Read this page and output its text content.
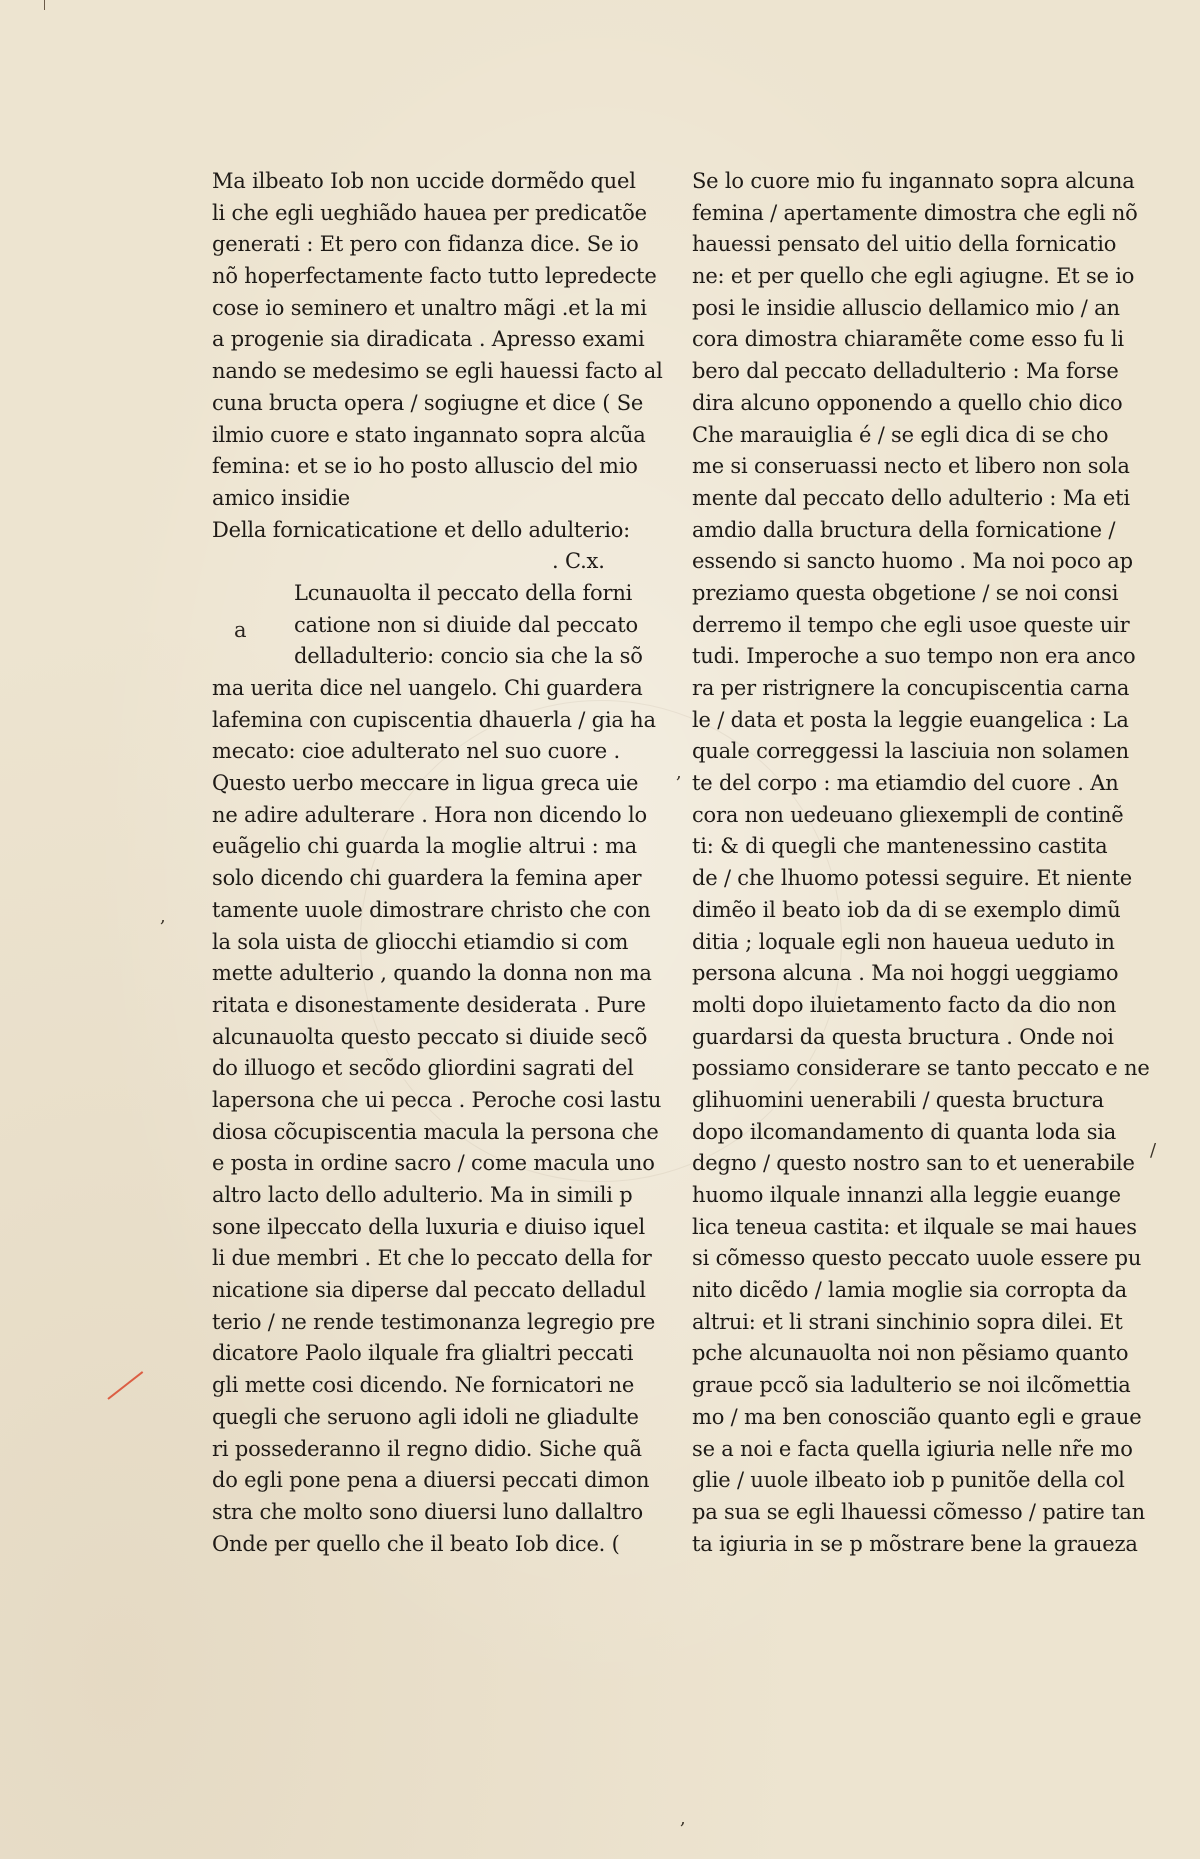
Ma ilbeato Iob non uccide dormẽdo quel
li che egli ueghiãdo hauea per predicatõe
generati : Et pero con fidanza dice. Se io
nõ hoperfectamente facto tutto lepredecte
cose io seminero et unaltro mãgi .et la mi
a progenie sia diradicata . Apresso exami
nando se medesimo se egli hauessi facto al
cuna bructa opera / sogiugne et dice ( Se
ilmio cuore e stato ingannato sopra alcũa
femina: et se io ho posto alluscio del mio
amico insidie
Della fornicaticatione et dello adulterio:
. C.x.
Lcunauolta il peccato della forni
catione non si diuide dal peccato
delladulterio: concio sia che la sõ
ma uerita dice nel uangelo. Chi guardera
lafemina con cupiscentia dhauerla / gia ha
mecato: cioe adulterato nel suo cuore .
Questo uerbo meccare in ligua greca uie
ne adire adulterare . Hora non dicendo lo
euãgelio chi guarda la moglie altrui : ma
solo dicendo chi guardera la femina aper
tamente uuole dimostrare christo che con
la sola uista de gliocchi etiamdio si com
mette adulterio , quando la donna non ma
ritata e disonestamente desiderata . Pure
alcunauolta questo peccato si diuide secõ
do illuogo et secõdo gliordini sagrati del
lapersona che ui pecca . Peroche cosi lastu
diosa cõcupiscentia macula la persona che
e posta in ordine sacro / come macula uno
altro lacto dello adulterio. Ma in simili p
sone ilpeccato della luxuria e diuiso iquel
li due membri . Et che lo peccato della for
nicatione sia diperse dal peccato delladul
terio / ne rende testimonanza legregio pre
dicatore Paolo ilquale fra glialtri peccati
gli mette cosi dicendo. Ne fornicatori ne
quegli che seruono agli idoli ne gliadulte
ri possederanno il regno didio. Siche quã
do egli pone pena a diuersi peccati dimon
stra che molto sono diuersi luno dallaltro
Onde per quello che il beato Iob dice. (
a
,
,
/
,
Se lo cuore mio fu ingannato sopra alcuna
femina / apertamente dimostra che egli nõ
hauessi pensato del uitio della fornicatio
ne: et per quello che egli agiugne. Et se io
posi le insidie alluscio dellamico mio / an
cora dimostra chiaramẽte come esso fu li
bero dal peccato delladulterio : Ma forse
dira alcuno opponendo a quello chio dico
Che marauiglia é / se egli dica di se cho
me si conseruassi necto et libero non sola
mente dal peccato dello adulterio : Ma eti
amdio dalla bructura della fornicatione /
essendo si sancto huomo . Ma noi poco ap
preziamo questa obgetione / se noi consi
derremo il tempo che egli usoe queste uir
tudi. Imperoche a suo tempo non era anco
ra per ristrignere la concupiscentia carna
le / data et posta la leggie euangelica : La
quale correggessi la lasciuia non solamen
te del corpo : ma etiamdio del cuore . An
cora non uedeuano gliexempli de continẽ
ti: & di quegli che mantenessino castita
de / che lhuomo potessi seguire. Et niente
dimẽo il beato iob da di se exemplo dimũ
ditia ; loquale egli non haueua ueduto in
persona alcuna . Ma noi hoggi ueggiamo
molti dopo iluietamento facto da dio non
guardarsi da questa bructura . Onde noi
possiamo considerare se tanto peccato e ne
glihuomini uenerabili / questa bructura
dopo ilcomandamento di quanta loda sia
degno / questo nostro san to et uenerabile
huomo ilquale innanzi alla leggie euange
lica teneua castita: et ilquale se mai haues
si cõmesso questo peccato uuole essere pu
nito dicẽdo / lamia moglie sia corropta da
altrui: et li strani sinchinio sopra dilei. Et
pche alcunauolta noi non pẽsiamo quanto
graue pccõ sia ladulterio se noi ilcõmettia
mo / ma ben conoscião quanto egli e graue
se a noi e facta quella igiuria nelle nr̃e mo
glie / uuole ilbeato iob p punitõe della col
pa sua se egli lhauessi cõmesso / patire tan
ta igiuria in se p mõstrare bene la graueza
